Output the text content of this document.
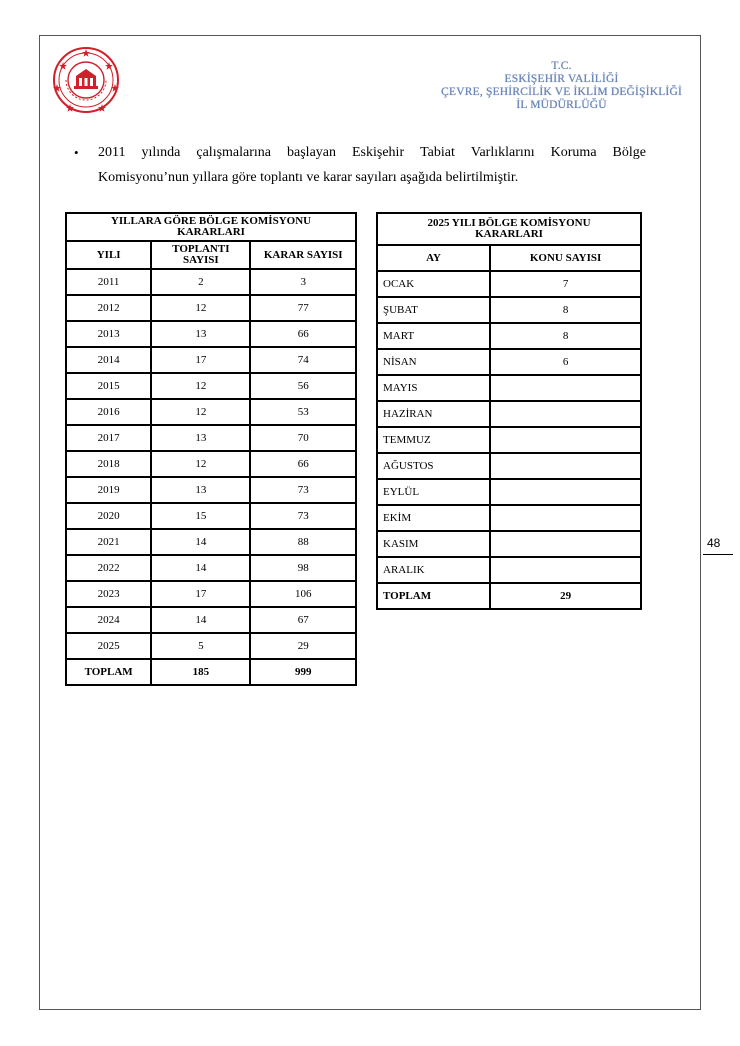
T.C.
ESKİŞEHİR VALİLİĞİ
ÇEVRE, ŞEHİRCİLİK VE İKLİM DEĞİŞİKLİĞİ
İL MÜDÜRLÜĞÜ
• 2011 yılında çalışmalarına başlayan Eskişehir Tabiat Varlıklarını Koruma Bölge
Komisyonu’nun yıllara göre toplantı ve karar sayıları aşağıda belirtilmiştir.
YILLARA GÖRE BÖLGE KOMİSYONU KARARLARI		
YILI	TOPLANTI SAYISI	KARAR SAYISI
2011	2	3
2012	12	77
2013	13	66
2014	17	74
2015	12	56
2016	12	53
2017	13	70
2018	12	66
2019	13	73
2020	15	73
2021	14	88
2022	14	98
2023	17	106
2024	14	67
2025	5	29
TOPLAM	185	999
2025 YILI BÖLGE KOMİSYONU KARARLARI	
AY	KONU SAYISI
OCAK	7
ŞUBAT	8
MART	8
NİSAN	6
MAYIS	
HAZİRAN	
TEMMUZ	
AĞUSTOS	
EYLÜL	
EKİM	
KASIM	
ARALIK	
TOPLAM	29
48
